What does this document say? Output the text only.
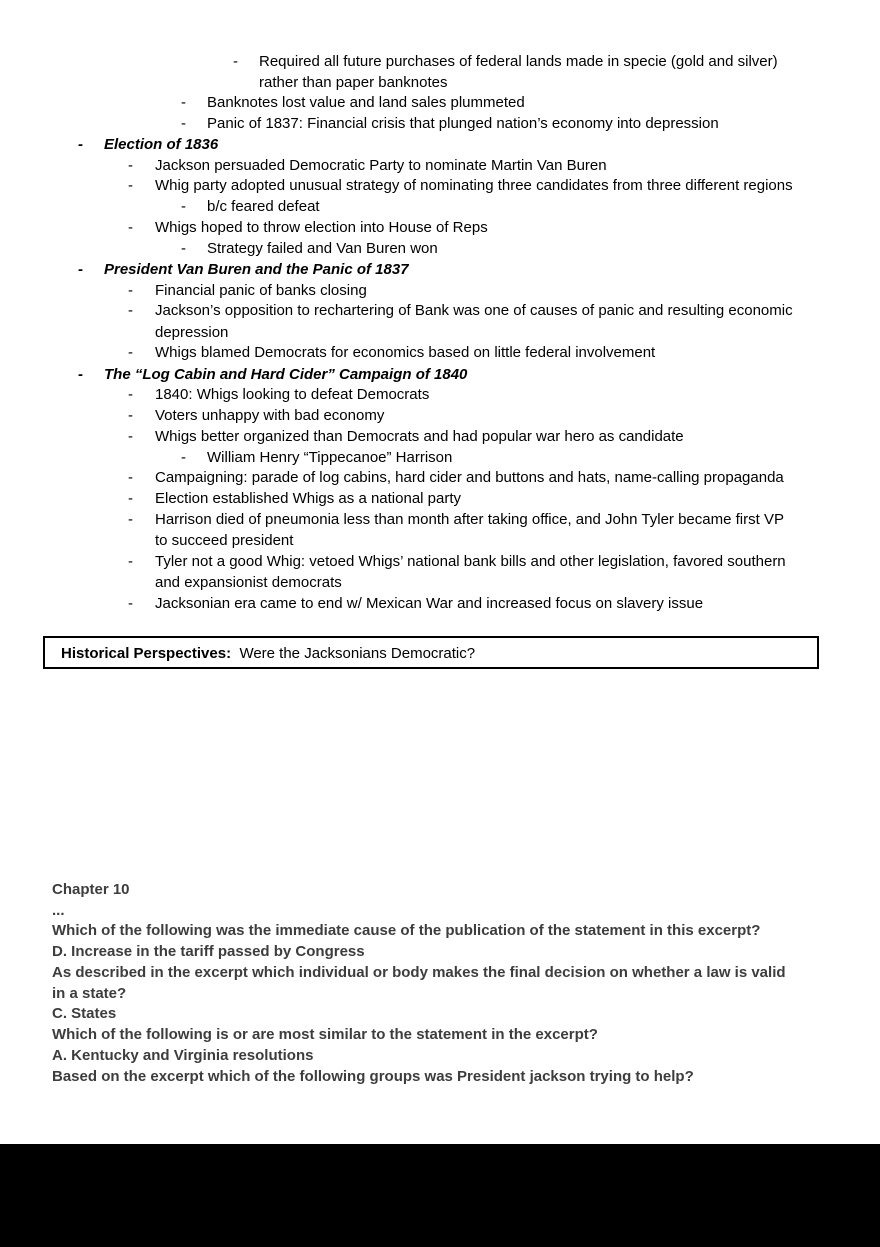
- Required all future purchases of federal lands made in specie (gold and silver)
rather than paper banknotes
- Banknotes lost value and land sales plummeted
- Panic of 1837: Financial crisis that plunged nation’s economy into depression
- Election of 1836
- Jackson persuaded Democratic Party to nominate Martin Van Buren
- Whig party adopted unusual strategy of nominating three candidates from three different regions
- b/c feared defeat
- Whigs hoped to throw election into House of Reps
- Strategy failed and Van Buren won
- President Van Buren and the Panic of 1837
- Financial panic of banks closing
- Jackson’s opposition to rechartering of Bank was one of causes of panic and resulting economic
depression
- Whigs blamed Democrats for economics based on little federal involvement
- The “Log Cabin and Hard Cider” Campaign of 1840
- 1840: Whigs looking to defeat Democrats
- Voters unhappy with bad economy
- Whigs better organized than Democrats and had popular war hero as candidate
- William Henry “Tippecanoe” Harrison
- Campaigning: parade of log cabins, hard cider and buttons and hats, name-calling propaganda
- Election established Whigs as a national party
- Harrison died of pneumonia less than month after taking office, and John Tyler became first VP
to succeed president
- Tyler not a good Whig: vetoed Whigs’ national bank bills and other legislation, favored southern
and expansionist democrats
- Jacksonian era came to end w/ Mexican War and increased focus on slavery issue
Historical Perspectives: Were the Jacksonians Democratic?
Chapter 10
...
Which of the following was the immediate cause of the publication of the statement in this excerpt?
D. Increase in the tariff passed by Congress
As described in the excerpt which individual or body makes the final decision on whether a law is valid
in a state?
C. States
Which of the following is or are most similar to the statement in the excerpt?
A. Kentucky and Virginia resolutions
Based on the excerpt which of the following groups was President jackson trying to help?
